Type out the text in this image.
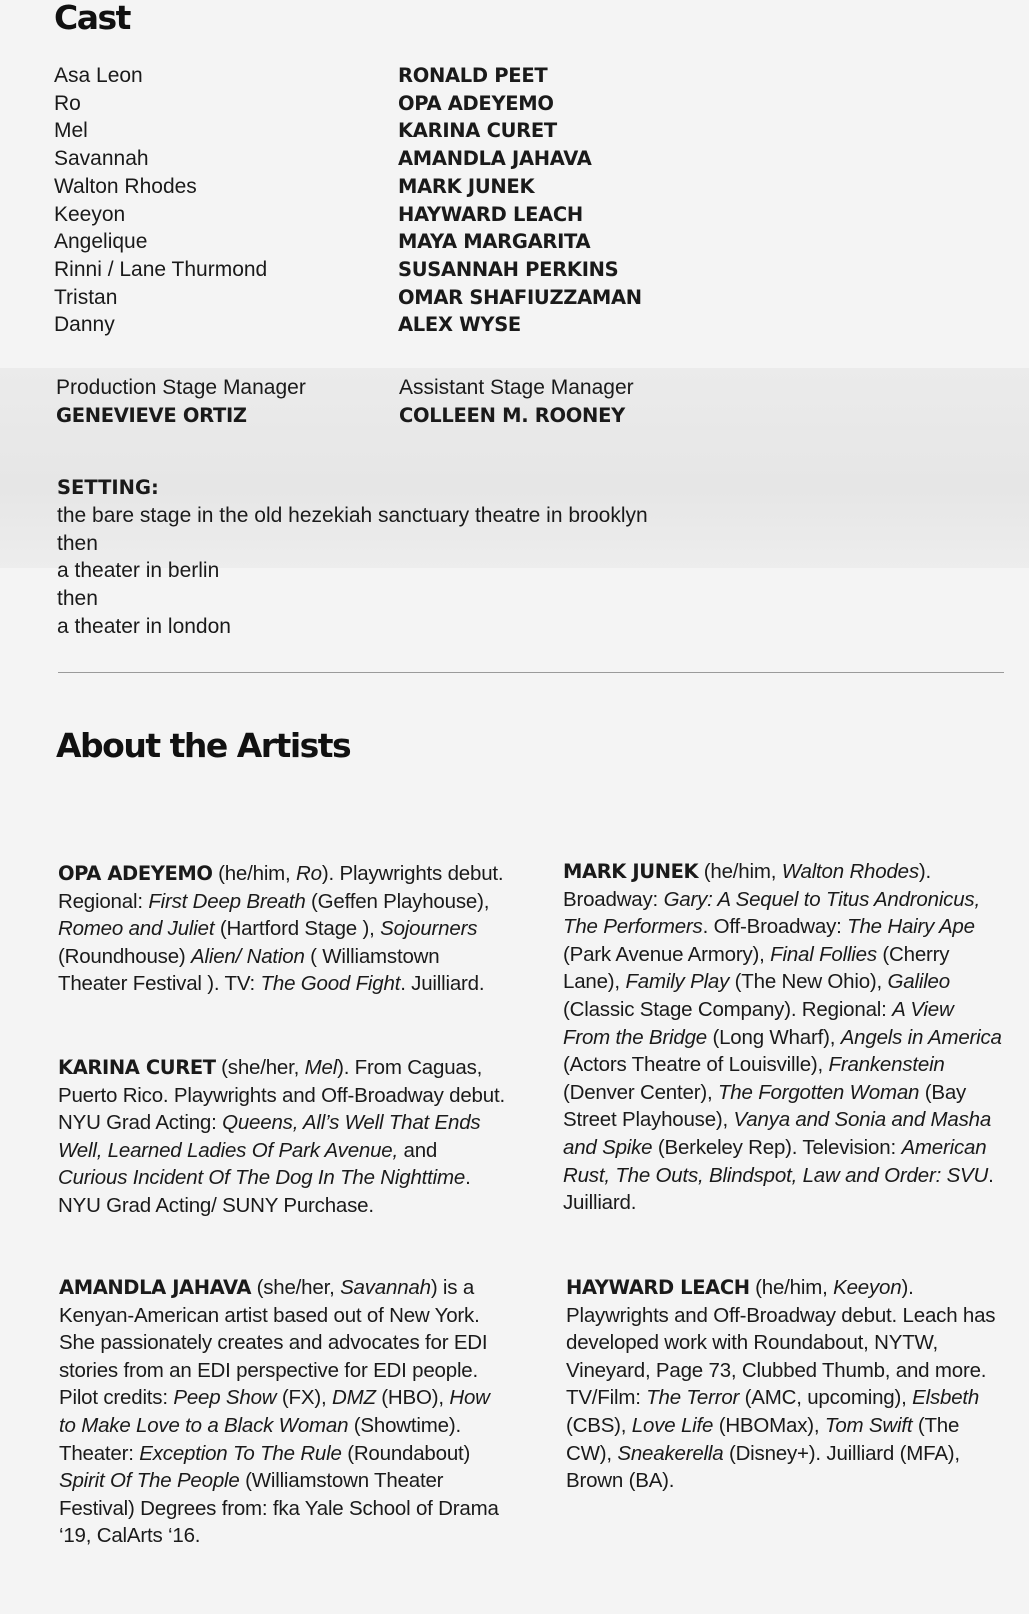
Cast
Asa Leon
Ro
Mel
Savannah
Walton Rhodes
Keeyon
Angelique
Rinni / Lane Thurmond
Tristan
Danny
RONALD PEET
OPA ADEYEMO
KARINA CURET
AMANDLA JAHAVA
MARK JUNEK
HAYWARD LEACH
MAYA MARGARITA
SUSANNAH PERKINS
OMAR SHAFIUZZAMAN
ALEX WYSE
Production Stage Manager
GENEVIEVE ORTIZ
Assistant Stage Manager
COLLEEN M. ROONEY
SETTING:
the bare stage in the old hezekiah sanctuary theatre in brooklyn
then
a theater in berlin
then
a theater in london
About the Artists
OPA ADEYEMO (he/him, Ro). Playwrights debut. Regional: First Deep Breath (Geffen Playhouse), Romeo and Juliet (Hartford Stage ), Sojourners (Roundhouse) Alien/ Nation ( Williamstown Theater Festival ). TV: The Good Fight. Juilliard.
KARINA CURET (she/her, Mel). From Caguas, Puerto Rico. Playwrights and Off-Broadway debut. NYU Grad Acting: Queens, All’s Well That Ends Well, Learned Ladies Of Park Avenue, and Curious Incident Of The Dog In The Nighttime. NYU Grad Acting/ SUNY Purchase.
AMANDLA JAHAVA (she/her, Savannah) is a Kenyan-American artist based out of New York. She passionately creates and advocates for EDI stories from an EDI perspective for EDI people. Pilot credits: Peep Show (FX), DMZ (HBO), How to Make Love to a Black Woman (Showtime). Theater: Exception To The Rule (Roundabout) Spirit Of The People (Williamstown Theater Festival) Degrees from: fka Yale School of Drama ‘19, CalArts ‘16.
MARK JUNEK (he/him, Walton Rhodes). Broadway: Gary: A Sequel to Titus Andronicus, The Performers. Off-Broadway: The Hairy Ape (Park Avenue Armory), Final Follies (Cherry Lane), Family Play (The New Ohio), Galileo (Classic Stage Company). Regional: A View From the Bridge (Long Wharf), Angels in America (Actors Theatre of Louisville), Frankenstein (Denver Center), The Forgotten Woman (Bay Street Playhouse), Vanya and Sonia and Masha and Spike (Berkeley Rep). Television: American Rust, The Outs, Blindspot, Law and Order: SVU. Juilliard.
HAYWARD LEACH (he/him, Keeyon). Playwrights and Off-Broadway debut. Leach has developed work with Roundabout, NYTW, Vineyard, Page 73, Clubbed Thumb, and more. TV/Film: The Terror (AMC, upcoming), Elsbeth (CBS), Love Life (HBOMax), Tom Swift (The CW), Sneakerella (Disney+). Juilliard (MFA), Brown (BA).
